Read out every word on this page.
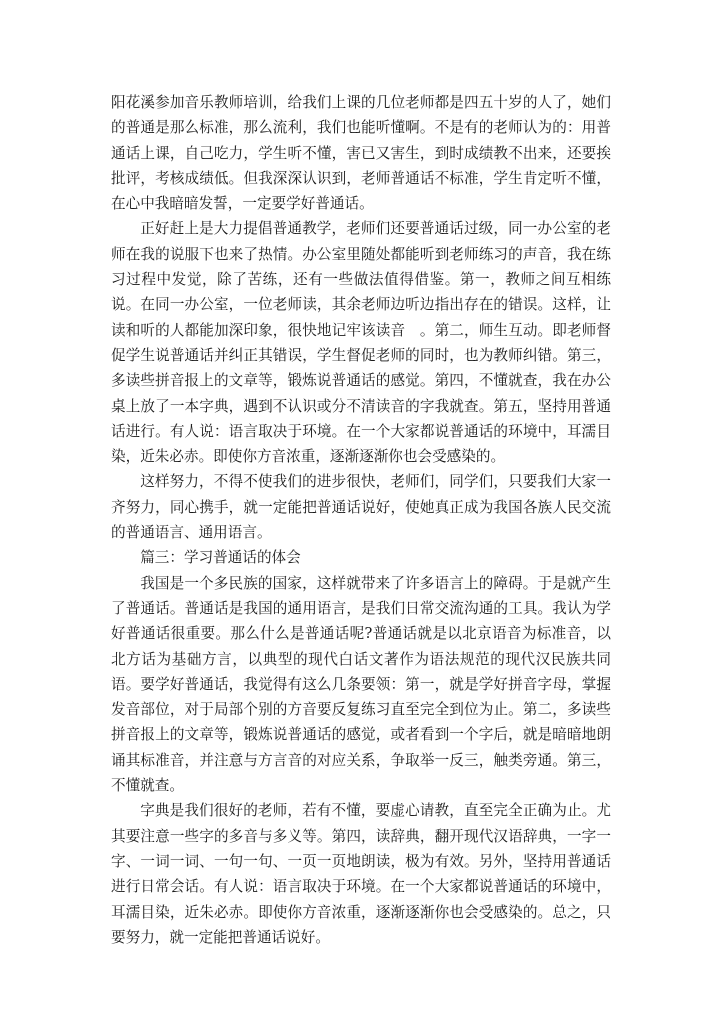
阳花溪参加音乐教师培训，给我们上课的几位老师都是四五十岁的人了，她们的普通是那么标准，那么流利，我们也能听懂啊。不是有的老师认为的：用普通话上课，自己吃力，学生听不懂，害已又害生，到时成绩教不出来，还要挨批评，考核成绩低。但我深深认识到，老师普通话不标准，学生肯定听不懂，在心中我暗暗发誓，一定要学好普通话。

正好赶上是大力提倡普通教学，老师们还要普通话过级，同一办公室的老师在我的说服下也来了热情。办公室里随处都能听到老师练习的声音，我在练习过程中发觉，除了苦练，还有一些做法值得借鉴。第一，教师之间互相练说。在同一办公室，一位老师读，其余老师边听边指出存在的错误。这样，让读和听的人都能加深印象，很快地记牢该读音　。第二，师生互动。即老师督促学生说普通话并纠正其错误，学生督促老师的同时，也为教师纠错。第三，多读些拼音报上的文章等，锻炼说普通话的感觉。第四，不懂就查，我在办公桌上放了一本字典，遇到不认识或分不清读音的字我就查。第五，坚持用普通话进行。有人说：语言取决于环境。在一个大家都说普通话的环境中，耳濡目染，近朱必赤。即使你方音浓重，逐渐逐渐你也会受感染的。

这样努力，不得不使我们的进步很快，老师们，同学们，只要我们大家一齐努力，同心携手，就一定能把普通话说好，使她真正成为我国各族人民交流的普通语言、通用语言。

篇三：学习普通话的体会

我国是一个多民族的国家，这样就带来了许多语言上的障碍。于是就产生了普通话。普通话是我国的通用语言，是我们日常交流沟通的工具。我认为学好普通话很重要。那么什么是普通话呢?普通话就是以北京语音为标准音，以北方话为基础方言，以典型的现代白话文著作为语法规范的现代汉民族共同语。要学好普通话，我觉得有这么几条要领：第一，就是学好拼音字母，掌握发音部位，对于局部个别的方音要反复练习直至完全到位为止。第二，多读些拼音报上的文章等，锻炼说普通话的感觉，或者看到一个字后，就是暗暗地朗诵其标准音，并注意与方言音的对应关系，争取举一反三，触类旁通。第三，不懂就查。

字典是我们很好的老师，若有不懂，要虚心请教，直至完全正确为止。尤其要注意一些字的多音与多义等。第四，读辞典，翻开现代汉语辞典，一字一字、一词一词、一句一句、一页一页地朗读，极为有效。另外，坚持用普通话进行日常会话。有人说：语言取决于环境。在一个大家都说普通话的环境中，耳濡目染，近朱必赤。即使你方音浓重，逐渐逐渐你也会受感染的。总之，只要努力，就一定能把普通话说好。
